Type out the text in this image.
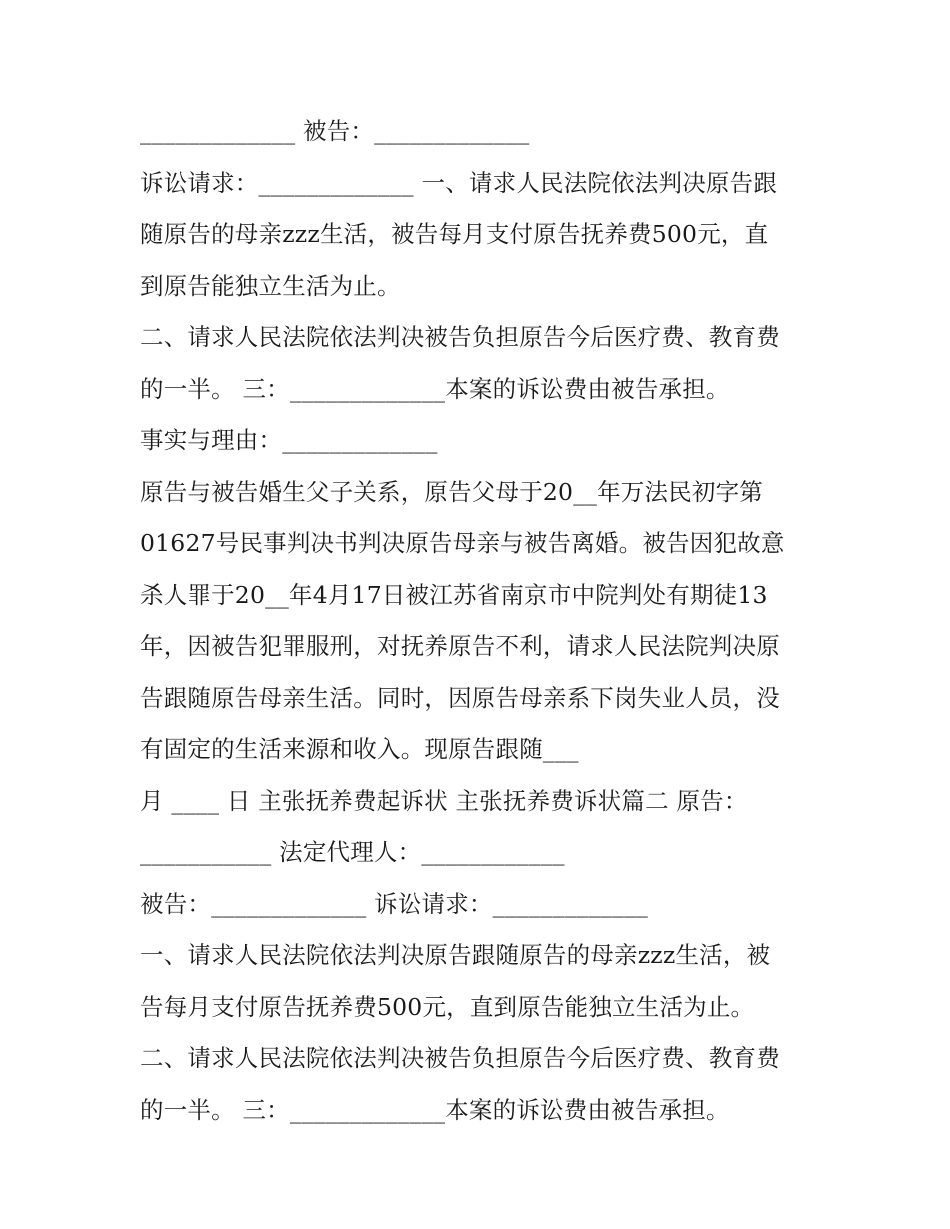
_____________ 被告：_____________
诉讼请求：_____________ 一、请求人民法院依法判决原告跟
随原告的母亲zzz生活，被告每月支付原告抚养费500元，直
到原告能独立生活为止。
二、请求人民法院依法判决被告负担原告今后医疗费、教育费
的一半。 三：_____________本案的诉讼费由被告承担。
事实与理由：_____________
原告与被告婚生父子关系，原告父母于20__年万法民初字第
01627号民事判决书判决原告母亲与被告离婚。被告因犯故意
杀人罪于20__年4月17日被江苏省南京市中院判处有期徒13
年，因被告犯罪服刑，对抚养原告不利，请求人民法院判决原
告跟随原告母亲生活。同时，因原告母亲系下岗失业人员，没
有固定的生活来源和收入。现原告跟随___
月 ____ 日 主张抚养费起诉状 主张抚养费诉状篇二 原告：
___________ 法定代理人：____________
被告：_____________ 诉讼请求：_____________
一、请求人民法院依法判决原告跟随原告的母亲zzz生活，被
告每月支付原告抚养费500元，直到原告能独立生活为止。
二、请求人民法院依法判决被告负担原告今后医疗费、教育费
的一半。 三：_____________本案的诉讼费由被告承担。
